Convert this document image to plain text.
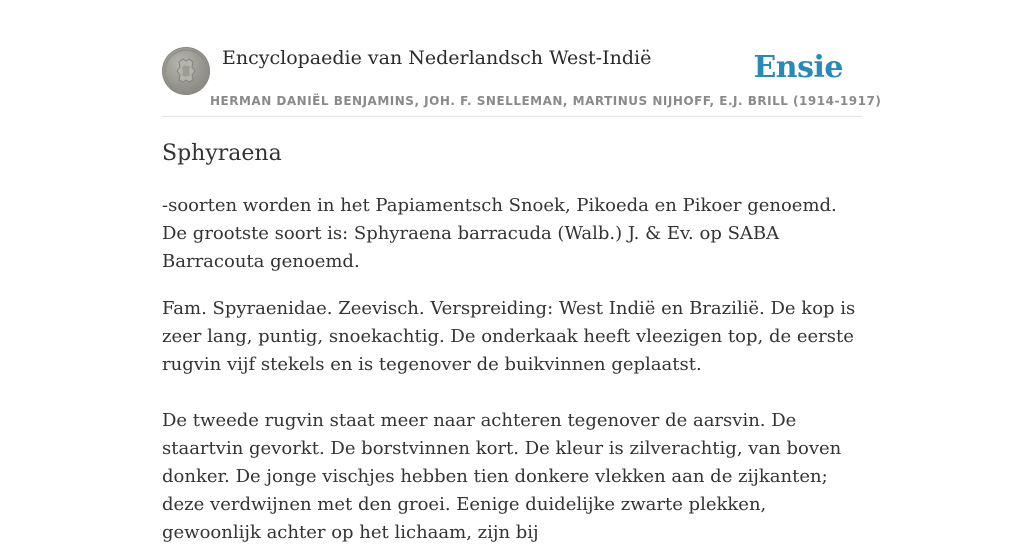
Encyclopaedie van Nederlandsch West-Indië	Ensie
HERMAN DANIËL BENJAMINS, JOH. F. SNELLEMAN, MARTINUS NIJHOFF, E.J. BRILL (1914-1917)
Sphyraena

-soorten worden in het Papiamentsch Snoek, Pikoeda en Pikoer genoemd. De grootste soort is: Sphyraena barracuda (Walb.) J. & Ev. op SABA Barracouta genoemd.

Fam. Spyraenidae. Zeevisch. Verspreiding: West Indië en Brazilië. De kop is zeer lang, puntig, snoekachtig. De onderkaak heeft vleezigen top, de eerste rugvin vijf stekels en is tegenover de buikvinnen geplaatst.

De tweede rugvin staat meer naar achteren tegenover de aarsvin. De staartvin gevorkt. De borstvinnen kort. De kleur is zilverachtig, van boven donker. De jonge vischjes hebben tien donkere vlekken aan de zijkanten; deze verdwijnen met den groei. Eenige duidelijke zwarte plekken, gewoonlijk achter op het lichaam, zijn bij
